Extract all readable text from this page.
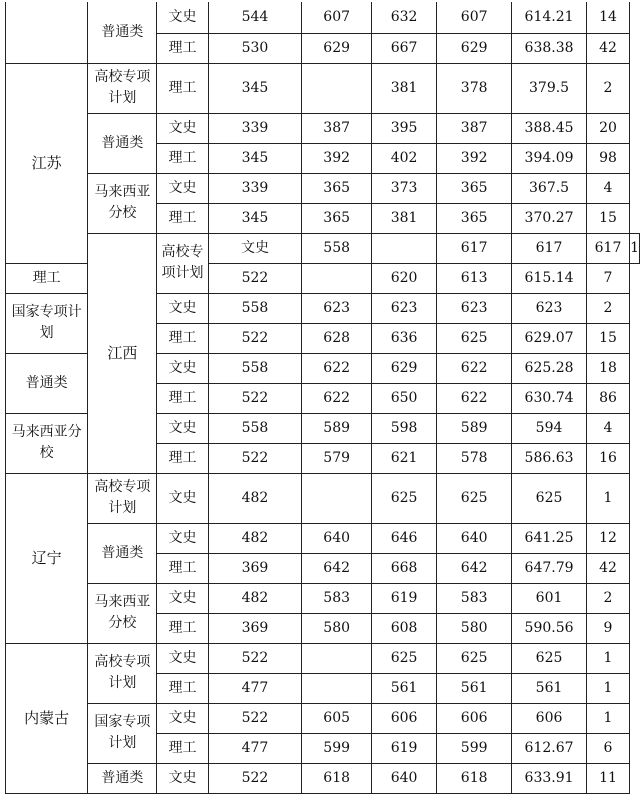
	普通类	文史	544	607	632	607	614.21	14	
		理工	530	629	667	629	638.38	42	
江苏	高校专项计划	理工	345		381	378	379.5	2	
	普通类	文史	339	387	395	387	388.45	20	
		理工	345	392	402	392	394.09	98	
	马来西亚分校	文史	339	365	373	365	367.5	4	
		理工	345	365	381	365	370.27	15	
	江西	高校专项计划	文史	558		617	617	617	1
理工			522		620	613	615.14	7	
国家专项计划		文史	558	623	623	623	623	2	
		理工	522	628	636	625	629.07	15	
普通类		文史	558	622	629	622	625.28	18	
		理工	522	622	650	622	630.74	86	
马来西亚分校		文史	558	589	598	589	594	4	
		理工	522	579	621	578	586.63	16	
辽宁	高校专项计划	文史	482		625	625	625	1	
	普通类	文史	482	640	646	640	641.25	12	
		理工	369	642	668	642	647.79	42	
	马来西亚分校	文史	482	583	619	583	601	2	
		理工	369	580	608	580	590.56	9	
内蒙古	高校专项计划	文史	522		625	625	625	1	
		理工	477		561	561	561	1	
	国家专项计划	文史	522	605	606	606	606	1	
		理工	477	599	619	599	612.67	6	
	普通类	文史	522	618	640	618	633.91	11	
